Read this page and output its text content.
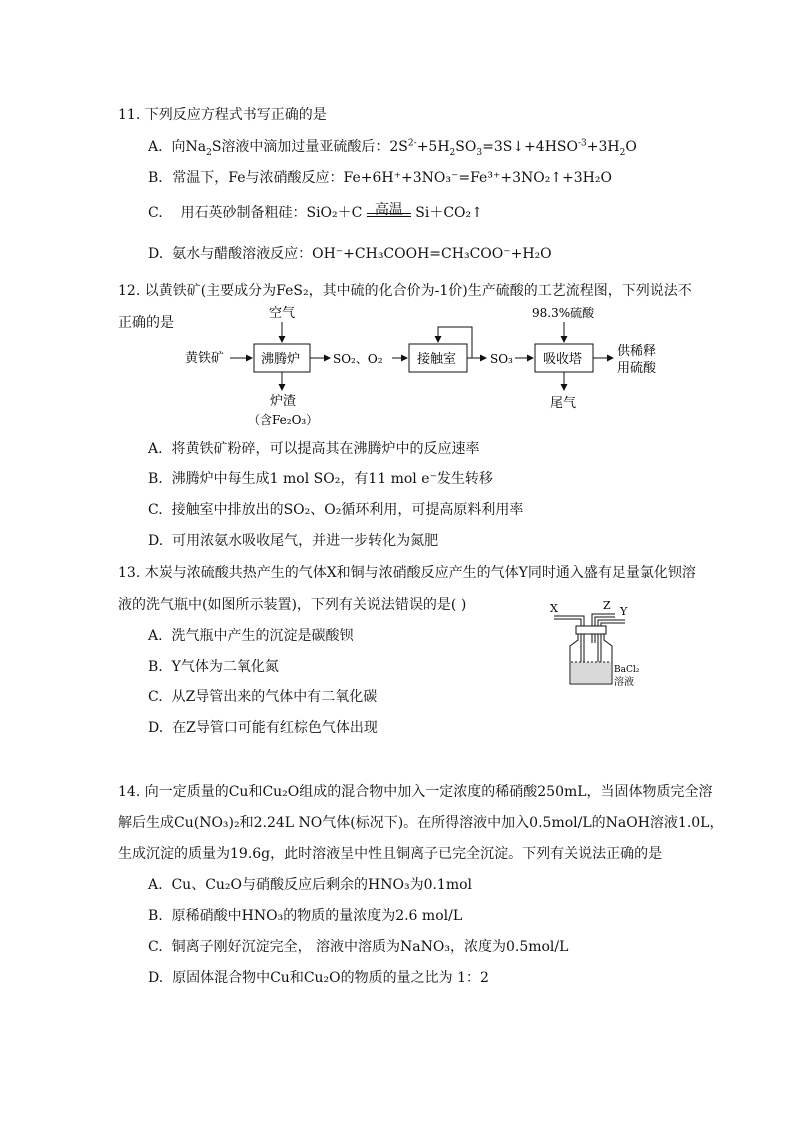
11. 下列反应方程式书写正确的是
A. 向$Na_2S$溶液中滴加过量亚硫酸后：$2S^{2-}+5H_2SO_3=3S↓+4HSO^{-3}+3H_2O$
B．常温下，Fe与浓硝酸反应：Fe+6H⁺+3NO₃⁻=Fe³⁺+3NO₂↑+3H₂O
C. 用石英砂制备粗硅：SiO₂＋C 高温 Si＋CO₂↑
D. 氨水与醋酸溶液反应：OH⁻+CH₃COOH=CH₃COO⁻+H₂O
12. 以黄铁矿(主要成分为FeS₂，其中硫的化合价为-1价)生产硫酸的工艺流程图，下列说法不
正确的是
黄铁矿	沸腾炉
空气
炉渣
（含Fe₂O₃）
SO₂、O₂	接触室	SO₃ 吸收塔
98.3%硫酸
供稀释
用硫酸
尾气
A. 将黄铁矿粉碎，可以提高其在沸腾炉中的反应速率
B. 沸腾炉中每生成1 mol SO₂，有11 mol e⁻发生转移
C. 接触室中排放出的SO₂、O₂循环利用，可提高原料利用率
D. 可用浓氨水吸收尾气，并进一步转化为氮肥
13. 木炭与浓硫酸共热产生的气体X和铜与浓硝酸反应产生的气体Y同时通入盛有足量氯化钡溶
液的洗气瓶中(如图所示装置)，下列有关说法错误的是( )	X	Z Y
BaCl₂
溶液
A. 洗气瓶中产生的沉淀是碳酸钡
B. Y气体为二氧化氮
C. 从Z导管出来的气体中有二氧化碳
D. 在Z导管口可能有红棕色气体出现
14. 向一定质量的Cu和Cu₂O组成的混合物中加入一定浓度的稀硝酸250mL，当固体物质完全溶
解后生成Cu(NO₃)₂和2.24L NO气体(标况下)。在所得溶液中加入0.5mol/L的NaOH溶液1.0L，
生成沉淀的质量为19.6g，此时溶液呈中性且铜离子已完全沉淀。下列有关说法正确的是
A. Cu、Cu₂O与硝酸反应后剩余的HNO₃为0.1mol
B. 原稀硝酸中HNO₃的物质的量浓度为2.6 mol/L
C. 铜离子刚好沉淀完全， 溶液中溶质为NaNO₃，浓度为0.5mol/L
D. 原固体混合物中Cu和Cu₂O的物质的量之比为 1：2
